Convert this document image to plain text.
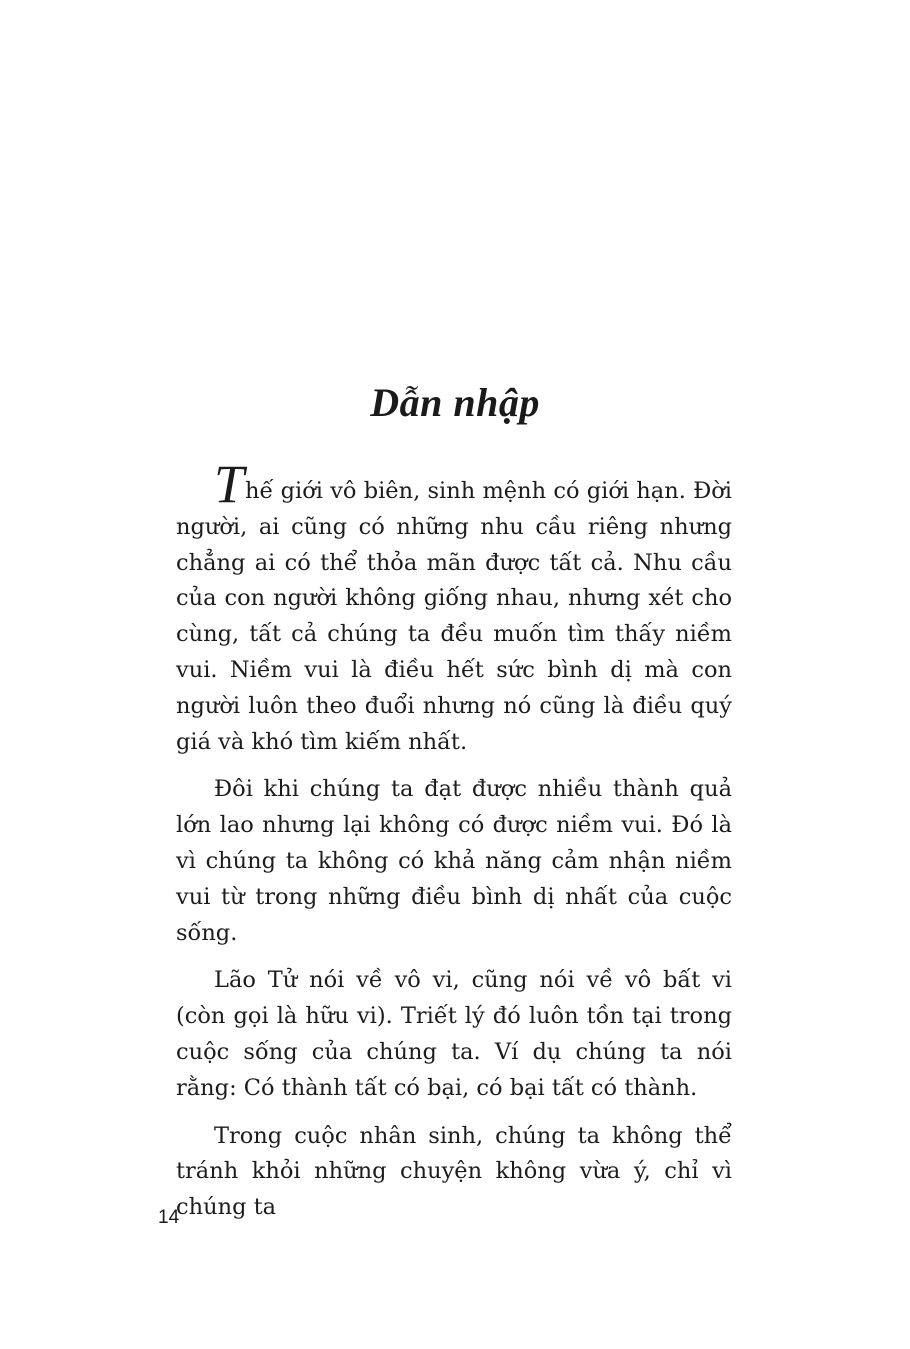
Dẫn nhập

Thế giới vô biên, sinh mệnh có giới hạn. Đời người, ai cũng có những nhu cầu riêng nhưng chẳng ai có thể thỏa mãn được tất cả. Nhu cầu của con người không giống nhau, nhưng xét cho cùng, tất cả chúng ta đều muốn tìm thấy niềm vui. Niềm vui là điều hết sức bình dị mà con người luôn theo đuổi nhưng nó cũng là điều quý giá và khó tìm kiếm nhất.

Đôi khi chúng ta đạt được nhiều thành quả lớn lao nhưng lại không có được niềm vui. Đó là vì chúng ta không có khả năng cảm nhận niềm vui từ trong những điều bình dị nhất của cuộc sống.

Lão Tử nói về vô vi, cũng nói về vô bất vi (còn gọi là hữu vi). Triết lý đó luôn tồn tại trong cuộc sống của chúng ta. Ví dụ chúng ta nói rằng: Có thành tất có bại, có bại tất có thành.

Trong cuộc nhân sinh, chúng ta không thể tránh khỏi những chuyện không vừa ý, chỉ vì chúng ta

14
